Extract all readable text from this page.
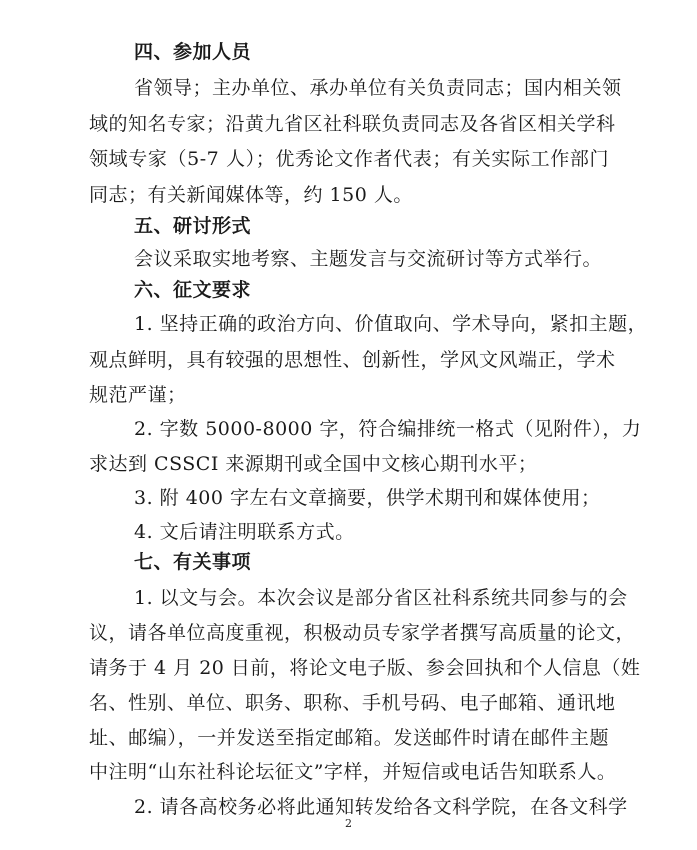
四、参加人员
省领导；主办单位、承办单位有关负责同志；国内相关领
域的知名专家；沿黄九省区社科联负责同志及各省区相关学科
领域专家（5-7 人）；优秀论文作者代表；有关实际工作部门
同志；有关新闻媒体等，约 150 人。
五、研讨形式
会议采取实地考察、主题发言与交流研讨等方式举行。
六、征文要求
1. 坚持正确的政治方向、价值取向、学术导向，紧扣主题，
观点鲜明，具有较强的思想性、创新性，学风文风端正，学术
规范严谨；
2. 字数 5000-8000 字，符合编排统一格式（见附件），力
求达到 CSSCI 来源期刊或全国中文核心期刊水平；
3. 附 400 字左右文章摘要，供学术期刊和媒体使用；
4. 文后请注明联系方式。
七、有关事项
1. 以文与会。本次会议是部分省区社科系统共同参与的会
议，请各单位高度重视，积极动员专家学者撰写高质量的论文，
请务于 4 月 20 日前，将论文电子版、参会回执和个人信息（姓
名、性别、单位、职务、职称、手机号码、电子邮箱、通讯地
址、邮编），一并发送至指定邮箱。发送邮件时请在邮件主题
中注明“山东社科论坛征文”字样，并短信或电话告知联系人。
2. 请各高校务必将此通知转发给各文科学院，在各文科学
2
